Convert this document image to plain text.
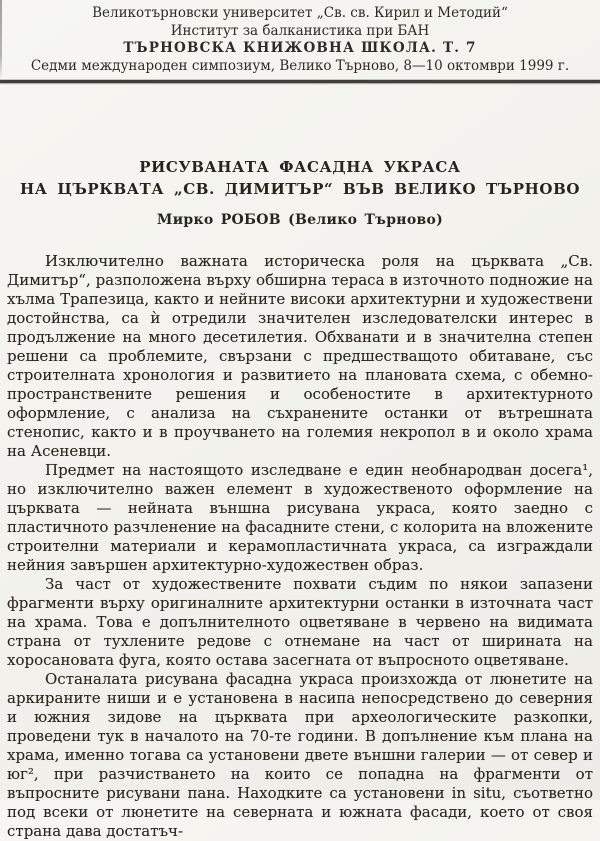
Великотърновски университет „Св. св. Кирил и Методий“
Институт за балканистика при БАН
ТЪРНОВСКА КНИЖОВНА ШКОЛА. Т. 7
Седми международен симпозиум, Велико Търново, 8—10 октомври 1999 г.
РИСУВАНАТА ФАСАДНА УКРАСА
НА ЦЪРКВАТА „СВ. ДИМИТЪР“ ВЪВ ВЕЛИКО ТЪРНОВО
Мирко РОБОВ (Велико Търново)

Изключително важната историческа роля на църквата „Св. Димитър“, разположена върху обширна тераса в източното подножие на хълма Трапезица, както и нейните високи архитектурни и художествени достойнства, са ѝ отредили значителен изследователски интерес в продължение на много десетилетия. Обхванати и в значителна степен решени са проблемите, свързани с предшестващото обитаване, със строителната хронология и развитието на плановата схема, с обемно-пространствените решения и особеностите в архитектурното оформление, с анализа на съхранените останки от вътрешната стенопис, както и в проучването на големия некропол в и около храма на Асеневци.

Предмет на настоящото изследване е един необнародван досега¹, но изключително важен елемент в художественото оформление на църквата — нейната външна рисувана украса, която заедно с пластичното разчленение на фасадните стени, с колорита на вложените строителни материали и керамопластичната украса, са изграждали нейния завършен архитектурно-художествен образ.

За част от художествените похвати съдим по някои запазени фрагменти върху оригиналните архитектурни останки в източната част на храма. Това е допълнителното оцветяване в червено на видимата страна от тухлените редове с отнемане на част от ширината на хоросановата фуга, която остава засегната от въпросното оцветяване.

Останалата рисувана фасадна украса произхожда от люнетите на аркираните ниши и е установена в насипа непосредствено до северния и южния зидове на църквата при археологическите разкопки, проведени тук в началото на 70-те години. В допълнение към плана на храма, именно тогава са установени двете външни галерии — от север и юг², при разчистването на които се попадна на фрагменти от въпросните рисувани пана. Находките са установени in situ, съответно под всеки от люнетите на северната и южната фасади, което от своя страна дава достатъч-
